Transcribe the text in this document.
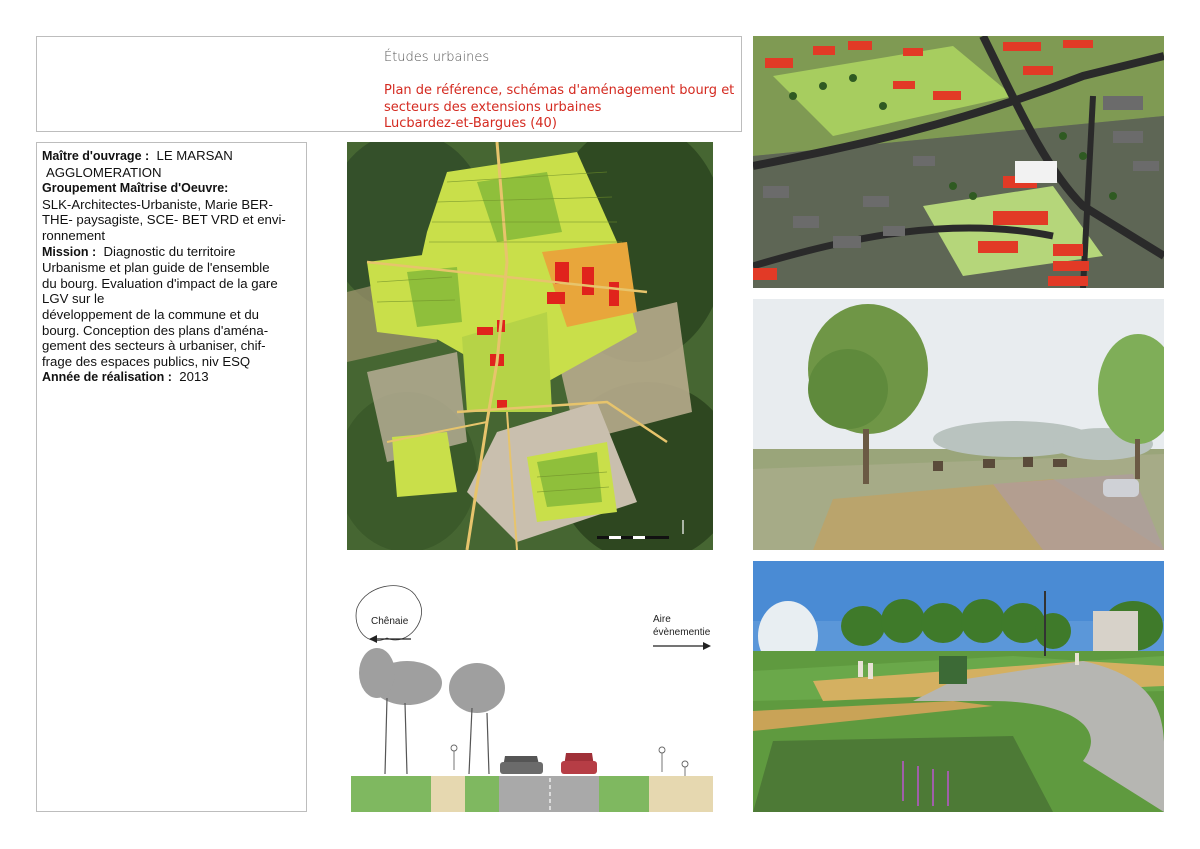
Études urbaines
Plan de référence, schémas d'aménagement bourg et
secteurs des extensions urbaines
Lucbardez-et-Bargues (40)
Maître d'ouvrage : LE MARSAN
AGGLOMERATION
Groupement Maîtrise d'Oeuvre:
SLK-Architectes-Urbaniste, Marie BER-
THE- paysagiste, SCE- BET VRD et envi-
ronnement
Mission : Diagnostic du territoire
Urbanisme et plan guide de l'ensemble
du bourg. Evaluation d'impact de la gare
LGV sur le
développement de la commune et du
bourg. Conception des plans d'aména-
gement des secteurs à urbaniser, chif-
frage des espaces publics, niv ESQ
Année de réalisation : 2013
Chênaie	Aire
évènementie
